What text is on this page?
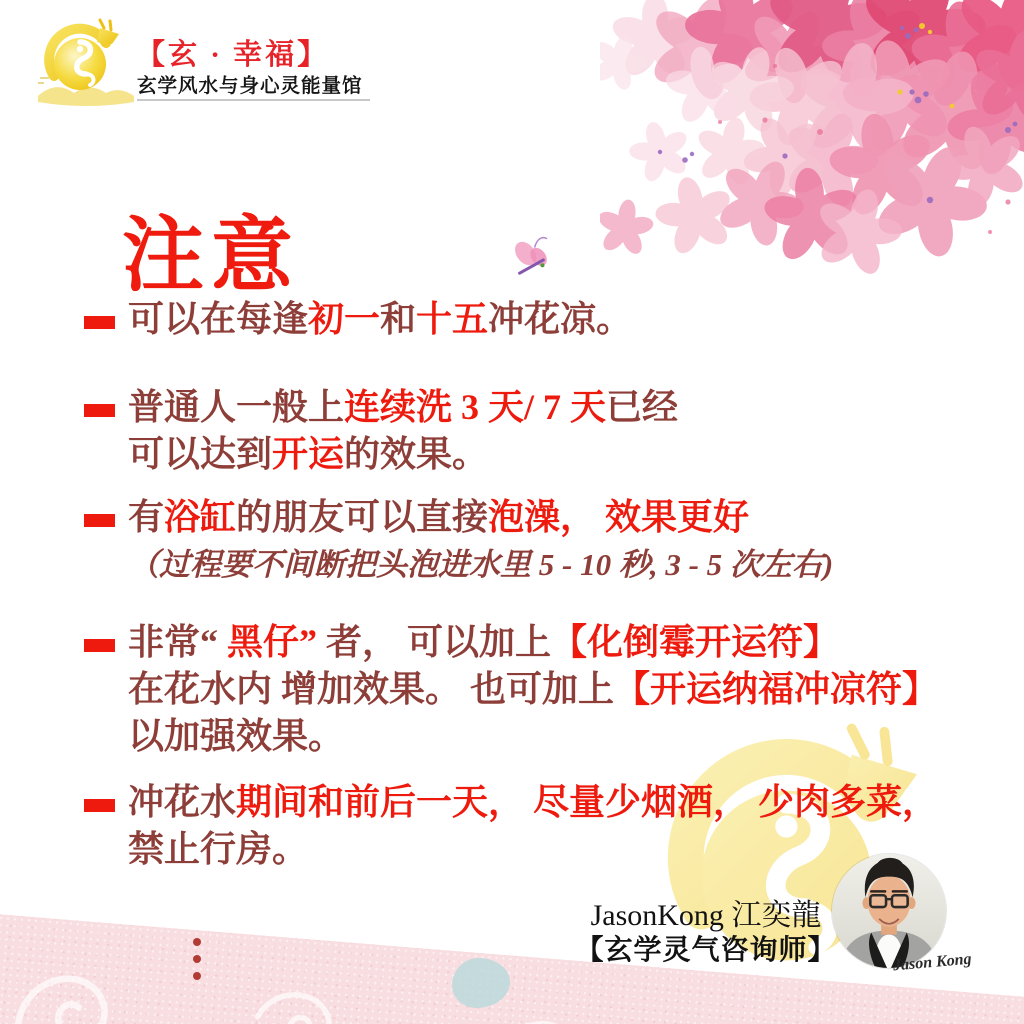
【玄 · 幸福】
玄学风水与身心灵能量馆
注意
可以在每逢初一和十五冲花凉。
普通人一般上连续洗 3 天/ 7 天已经
可以达到开运的效果。
有浴缸的朋友可以直接泡澡， 效果更好
（过程要不间断把头泡进水里 5 - 10 秒, 3 - 5 次左右)
非常“ 黑仔” 者， 可以加上【化倒霉开运符】
在花水内 增加效果。 也可加上【开运纳福冲凉符】
以加强效果。
冲花水期间和前后一天， 尽量少烟酒， 少肉多菜，
禁止行房。
JasonKong 江奕龍
【玄学灵气咨询师】	Jason Kong
